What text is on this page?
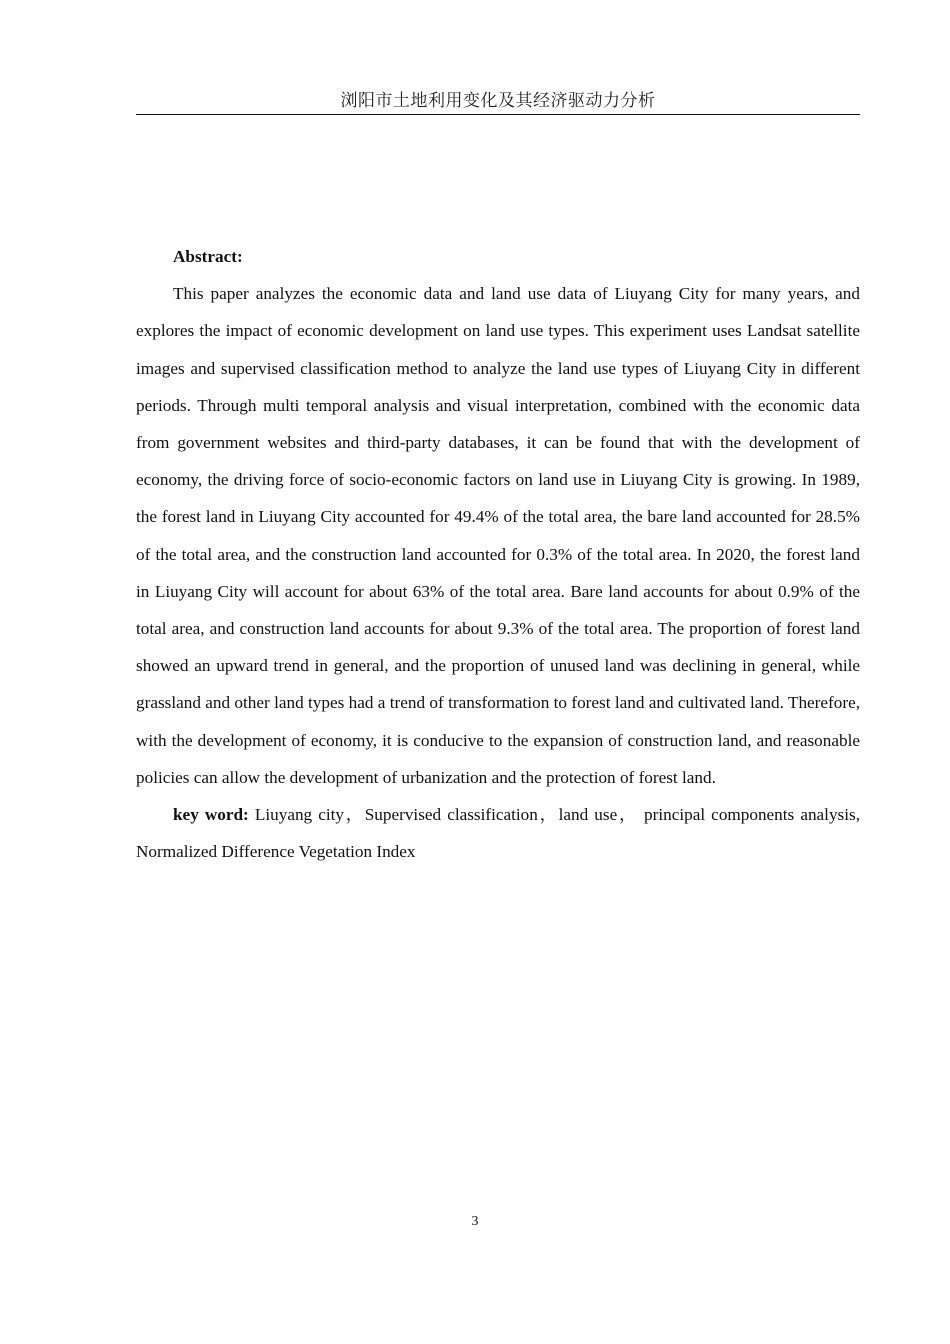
浏阳市土地利用变化及其经济驱动力分析

Abstract:

This paper analyzes the economic data and land use data of Liuyang City for many years, and explores the impact of economic development on land use types. This experiment uses Landsat satellite images and supervised classification method to analyze the land use types of Liuyang City in different periods. Through multi temporal analysis and visual interpretation, combined with the economic data from government websites and third-party databases, it can be found that with the development of economy, the driving force of socio-economic factors on land use in Liuyang City is growing. In 1989, the forest land in Liuyang City accounted for 49.4% of the total area, the bare land accounted for 28.5% of the total area, and the construction land accounted for 0.3% of the total area. In 2020, the forest land in Liuyang City will account for about 63% of the total area. Bare land accounts for about 0.9% of the total area, and construction land accounts for about 9.3% of the total area. The proportion of forest land showed an upward trend in general, and the proportion of unused land was declining in general, while grassland and other land types had a trend of transformation to forest land and cultivated land. Therefore, with the development of economy, it is conducive to the expansion of construction land, and reasonable policies can allow the development of urbanization and the protection of forest land.

key word: Liuyang city，Supervised classification，land use， principal components analysis, Normalized Difference Vegetation Index

3
